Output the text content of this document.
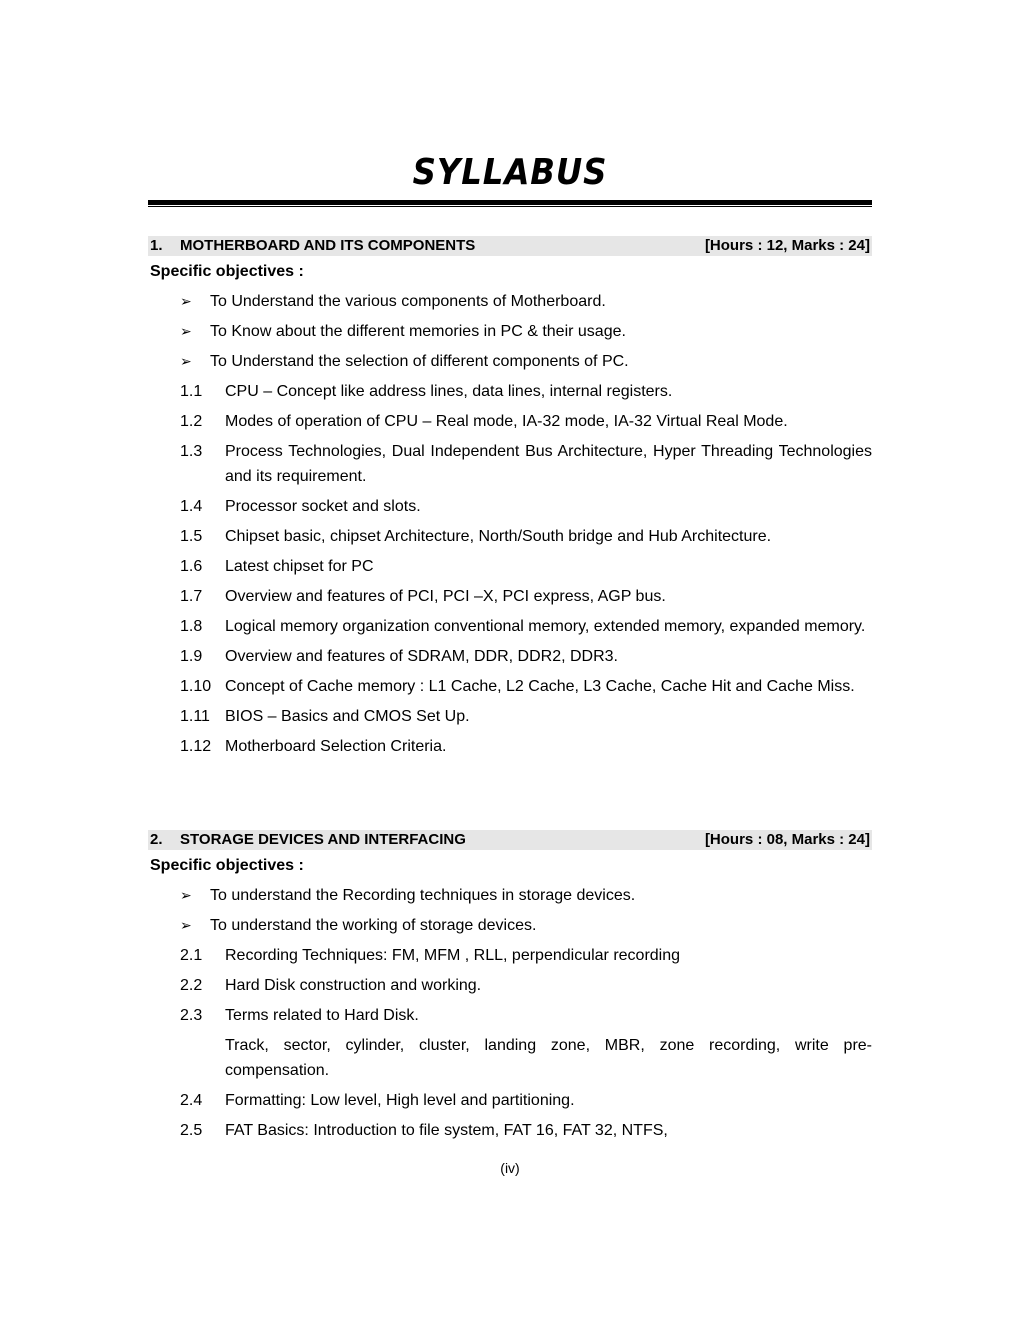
SYLLABUS
1. MOTHERBOARD AND ITS COMPONENTS	[Hours : 12, Marks : 24]
Specific objectives :
➢	To Understand the various components of Motherboard.
➢	To Know about the different memories in PC & their usage.
➢	To Understand the selection of different components of PC.
1.1	CPU – Concept like address lines, data lines, internal registers.
1.2	Modes of operation of CPU – Real mode, IA-32 mode, IA-32 Virtual Real Mode.
1.3	Process Technologies, Dual Independent Bus Architecture, Hyper Threading Technologies and its requirement.
1.4	Processor socket and slots.
1.5	Chipset basic, chipset Architecture, North/South bridge and Hub Architecture.
1.6	Latest chipset for PC
1.7	Overview and features of PCI, PCI –X, PCI express, AGP bus.
1.8	Logical memory organization conventional memory, extended memory, expanded memory.
1.9	Overview and features of SDRAM, DDR, DDR2, DDR3.
1.10 Concept of Cache memory : L1 Cache, L2 Cache, L3 Cache, Cache Hit and Cache Miss.
1.11 BIOS – Basics and CMOS Set Up.
1.12 Motherboard Selection Criteria.
2. STORAGE DEVICES AND INTERFACING	[Hours : 08, Marks : 24]
Specific objectives :
➢	To understand the Recording techniques in storage devices.
➢	To understand the working of storage devices.
2.1	Recording Techniques: FM, MFM , RLL, perpendicular recording
2.2	Hard Disk construction and working.
2.3	Terms related to Hard Disk.
Track, sector, cylinder, cluster, landing zone, MBR, zone recording, write pre-compensation.
2.4	Formatting: Low level, High level and partitioning.
2.5	FAT Basics: Introduction to file system, FAT 16, FAT 32, NTFS,
(iv)
